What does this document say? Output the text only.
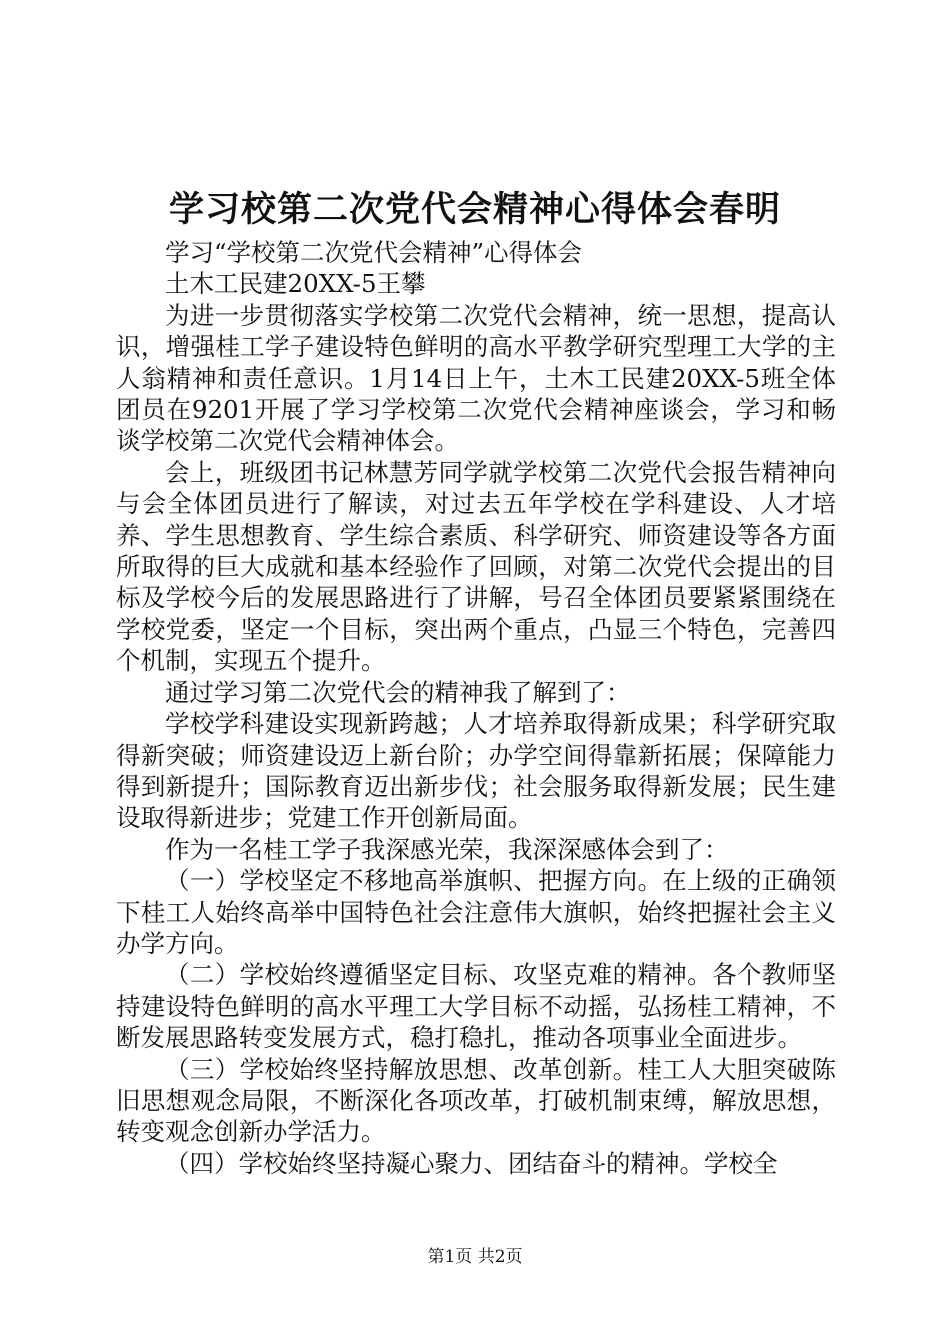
学习校第二次党代会精神心得体会春明

学习“学校第二次党代会精神”心得体会

土木工民建20XX-5王攀

为进一步贯彻落实学校第二次党代会精神，统一思想，提高认识，增强桂工学子建设特色鲜明的高水平教学研究型理工大学的主人翁精神和责任意识。1月14日上午，土木工民建20XX-5班全体团员在9201开展了学习学校第二次党代会精神座谈会，学习和畅谈学校第二次党代会精神体会。

会上，班级团书记林慧芳同学就学校第二次党代会报告精神向与会全体团员进行了解读，对过去五年学校在学科建设、人才培养、学生思想教育、学生综合素质、科学研究、师资建设等各方面所取得的巨大成就和基本经验作了回顾，对第二次党代会提出的目标及学校今后的发展思路进行了讲解，号召全体团员要紧紧围绕在学校党委，坚定一个目标，突出两个重点，凸显三个特色，完善四个机制，实现五个提升。

通过学习第二次党代会的精神我了解到了：

学校学科建设实现新跨越；人才培养取得新成果；科学研究取得新突破；师资建设迈上新台阶；办学空间得靠新拓展；保障能力得到新提升；国际教育迈出新步伐；社会服务取得新发展；民生建设取得新进步；党建工作开创新局面。

作为一名桂工学子我深感光荣，我深深感体会到了：

（一）学校坚定不移地高举旗帜、把握方向。在上级的正确领下桂工人始终高举中国特色社会注意伟大旗帜，始终把握社会主义办学方向。

（二）学校始终遵循坚定目标、攻坚克难的精神。各个教师坚持建设特色鲜明的高水平理工大学目标不动摇，弘扬桂工精神，不断发展思路转变发展方式，稳打稳扎，推动各项事业全面进步。

（三）学校始终坚持解放思想、改革创新。桂工人大胆突破陈旧思想观念局限，不断深化各项改革，打破机制束缚，解放思想，转变观念创新办学活力。

（四）学校始终坚持凝心聚力、团结奋斗的精神。学校全

第1页 共2页
